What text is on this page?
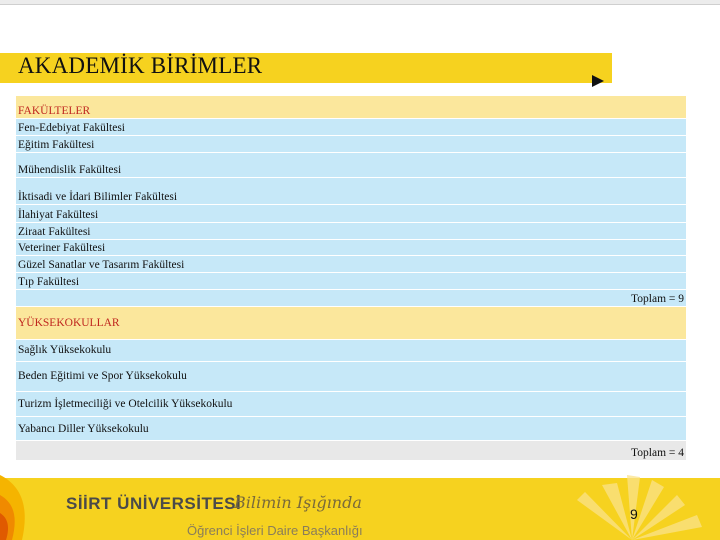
AKADEMİK BİRİMLER
FAKÜLTELER
Fen-Edebiyat Fakültesi
Eğitim Fakültesi
Mühendislik Fakültesi
İktisadi ve İdari Bilimler Fakültesi
İlahiyat Fakültesi
Ziraat Fakültesi
Veteriner Fakültesi
Güzel Sanatlar ve Tasarım Fakültesi
Tıp Fakültesi
Toplam = 9
YÜKSEKOKULLAR
Sağlık Yüksekokulu
Beden Eğitimi ve Spor Yüksekokulu
Turizm İşletmeciliği ve Otelcilik Yüksekokulu
Yabancı Diller Yüksekokulu
Toplam = 4
SİİRT ÜNİVERSİTESİ
Bilimin Işığında
Öğrenci İşleri Daire Başkanlığı
9
